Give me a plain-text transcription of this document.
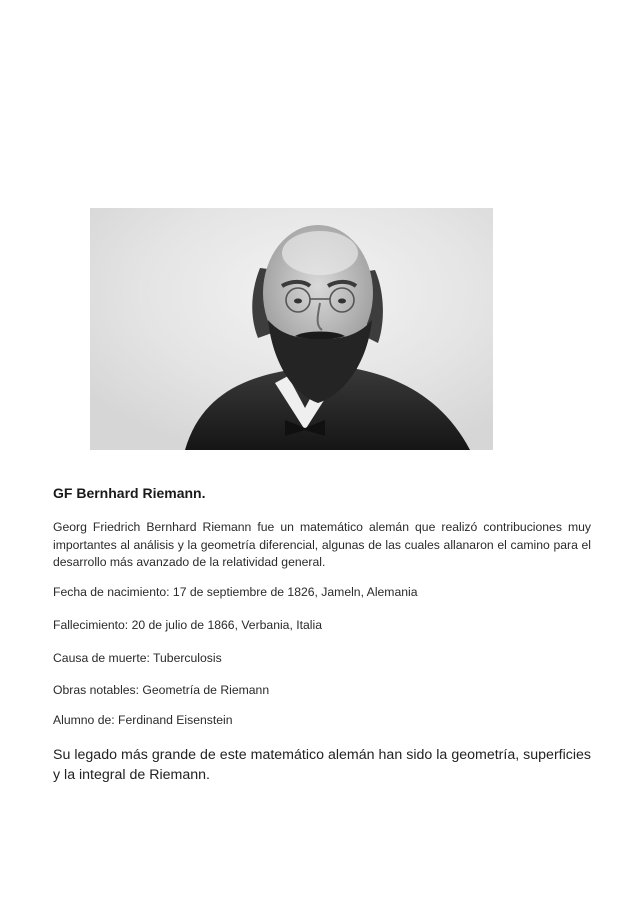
GF Bernhard Riemann.
Georg Friedrich Bernhard Riemann fue un matemático alemán que realizó contribuciones muy importantes al análisis y la geometría diferencial, algunas de las cuales allanaron el camino para el desarrollo más avanzado de la relatividad general.
Fecha de nacimiento: 17 de septiembre de 1826, Jameln, Alemania
Fallecimiento: 20 de julio de 1866, Verbania, Italia
Causa de muerte: Tuberculosis
Obras notables: Geometría de Riemann
Alumno de: Ferdinand Eisenstein
Su legado más grande de este matemático alemán han sido la geometría, superficies y la integral de Riemann.
